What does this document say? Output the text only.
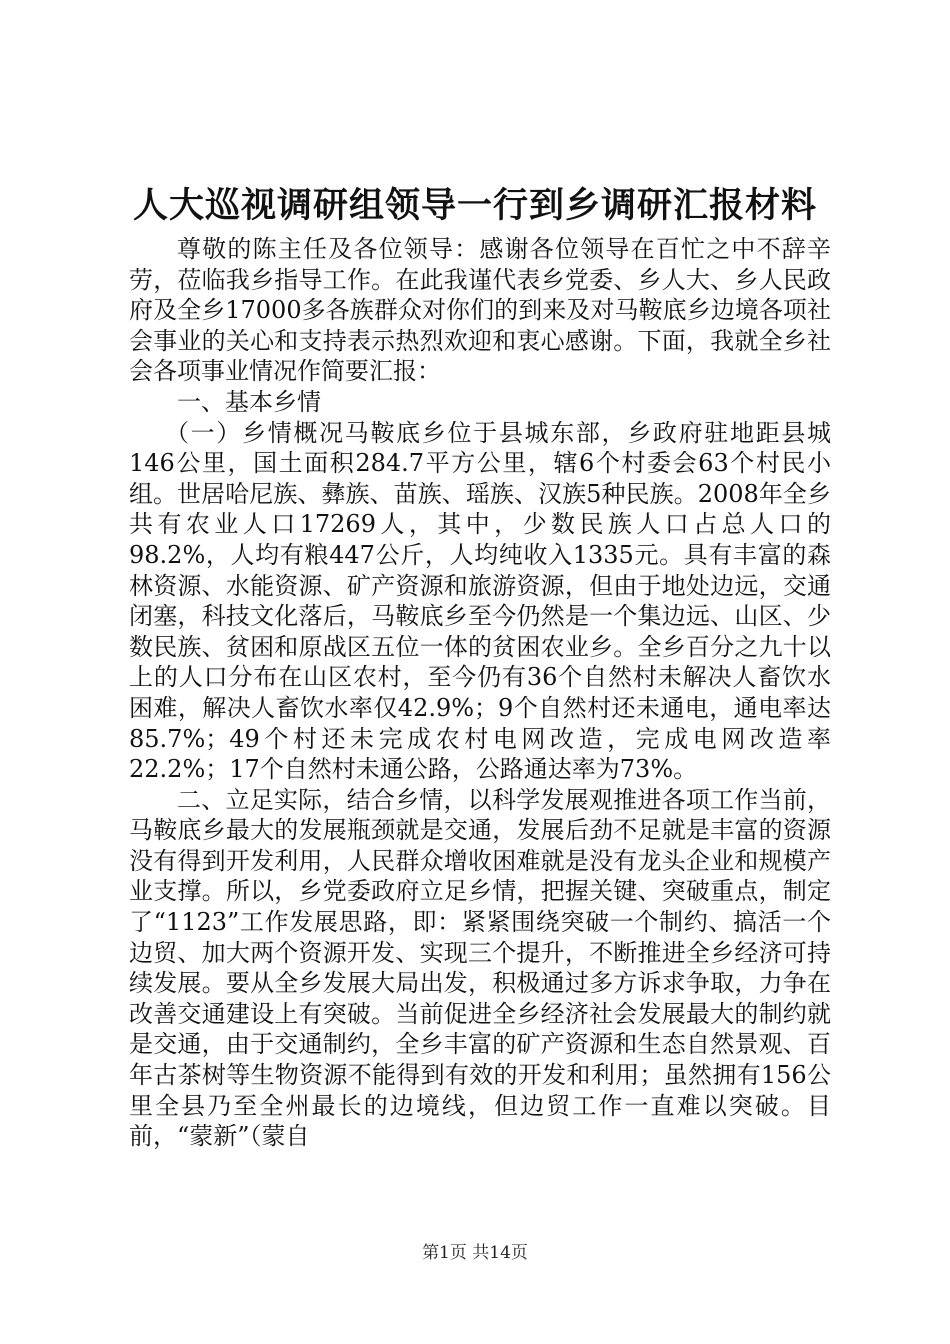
人大巡视调研组领导一行到乡调研汇报材料

尊敬的陈主任及各位领导：感谢各位领导在百忙之中不辞辛劳，莅临我乡指导工作。在此我谨代表乡党委、乡人大、乡人民政府及全乡17000多各族群众对你们的到来及对马鞍底乡边境各项社会事业的关心和支持表示热烈欢迎和衷心感谢。下面，我就全乡社会各项事业情况作简要汇报：

一、基本乡情

（一）乡情概况马鞍底乡位于县城东部，乡政府驻地距县城146公里，国土面积284.7平方公里，辖6个村委会63个村民小组。世居哈尼族、彝族、苗族、瑶族、汉族5种民族。2008年全乡共有农业人口17269人，其中，少数民族人口占总人口的98.2%，人均有粮447公斤，人均纯收入1335元。具有丰富的森林资源、水能资源、矿产资源和旅游资源，但由于地处边远，交通闭塞，科技文化落后，马鞍底乡至今仍然是一个集边远、山区、少数民族、贫困和原战区五位一体的贫困农业乡。全乡百分之九十以上的人口分布在山区农村，至今仍有36个自然村未解决人畜饮水困难，解决人畜饮水率仅42.9%；9个自然村还未通电，通电率达85.7%；49个村还未完成农村电网改造，完成电网改造率22.2%；17个自然村未通公路，公路通达率为73%。

二、立足实际，结合乡情，以科学发展观推进各项工作当前，马鞍底乡最大的发展瓶颈就是交通，发展后劲不足就是丰富的资源没有得到开发利用，人民群众增收困难就是没有龙头企业和规模产业支撑。所以，乡党委政府立足乡情，把握关键、突破重点，制定了“1123”工作发展思路，即：紧紧围绕突破一个制约、搞活一个边贸、加大两个资源开发、实现三个提升，不断推进全乡经济可持续发展。要从全乡发展大局出发，积极通过多方诉求争取，力争在改善交通建设上有突破。当前促进全乡经济社会发展最大的制约就是交通，由于交通制约，全乡丰富的矿产资源和生态自然景观、百年古茶树等生物资源不能得到有效的开发和利用；虽然拥有156公里全县乃至全州最长的边境线，但边贸工作一直难以突破。目前，“蒙新”（蒙自

第1页 共14页
